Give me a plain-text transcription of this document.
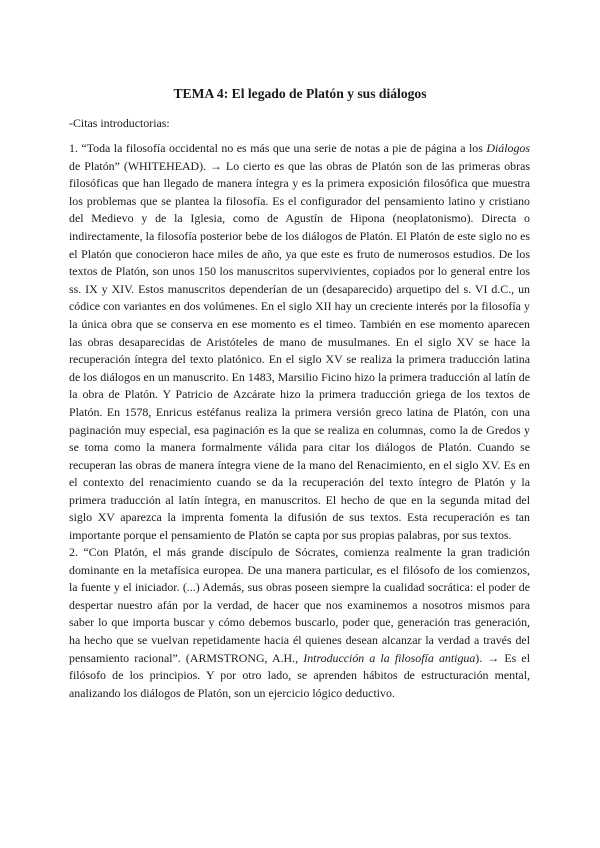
TEMA 4: El legado de Platón y sus diálogos

-Citas introductorias:

1. “Toda la filosofía occidental no es más que una serie de notas a pie de página a los Diálogos de Platón” (WHITEHEAD). → Lo cierto es que las obras de Platón son de las primeras obras filosóficas que han llegado de manera íntegra y es la primera exposición filosófica que muestra los problemas que se plantea la filosofía. Es el configurador del pensamiento latino y cristiano del Medievo y de la Iglesia, como de Agustín de Hipona (neoplatonismo). Directa o indirectamente, la filosofía posterior bebe de los diálogos de Platón. El Platón de este siglo no es el Platón que conocieron hace miles de año, ya que este es fruto de numerosos estudios. De los textos de Platón, son unos 150 los manuscritos supervivientes, copiados por lo general entre los ss. IX y XIV. Estos manuscritos dependerían de un (desaparecido) arquetipo del s. VI d.C., un códice con variantes en dos volúmenes. En el siglo XII hay un creciente interés por la filosofía y la única obra que se conserva en ese momento es el timeo. También en ese momento aparecen las obras desaparecidas de Aristóteles de mano de musulmanes. En el siglo XV se hace la recuperación íntegra del texto platónico. En el siglo XV se realiza la primera traducción latina de los diálogos en un manuscrito. En 1483, Marsilio Ficino hizo la primera traducción al latín de la obra de Platón. Y Patricio de Azcárate hizo la primera traducción griega de los textos de Platón. En 1578, Enricus estéfanus realiza la primera versión greco latina de Platón, con una paginación muy especial, esa paginación es la que se realiza en columnas, como la de Gredos y se toma como la manera formalmente válida para citar los diálogos de Platón. Cuando se recuperan las obras de manera íntegra viene de la mano del Renacimiento, en el siglo XV. Es en el contexto del renacimiento cuando se da la recuperación del texto íntegro de Platón y la primera traducción al latín íntegra, en manuscritos. El hecho de que en la segunda mitad del siglo XV aparezca la imprenta fomenta la difusión de sus textos. Esta recuperación es tan importante porque el pensamiento de Platón se capta por sus propias palabras, por sus textos.

2. “Con Platón, el más grande discípulo de Sócrates, comienza realmente la gran tradición dominante en la metafísica europea. De una manera particular, es el filósofo de los comienzos, la fuente y el iniciador. (...) Además, sus obras poseen siempre la cualidad socrática: el poder de despertar nuestro afán por la verdad, de hacer que nos examinemos a nosotros mismos para saber lo que importa buscar y cómo debemos buscarlo, poder que, generación tras generación, ha hecho que se vuelvan repetidamente hacia él quienes desean alcanzar la verdad a través del pensamiento racional”. (ARMSTRONG, A.H., Introducción a la filosofía antigua). → Es el filósofo de los principios. Y por otro lado, se aprenden hábitos de estructuración mental, analizando los diálogos de Platón, son un ejercicio lógico deductivo.
